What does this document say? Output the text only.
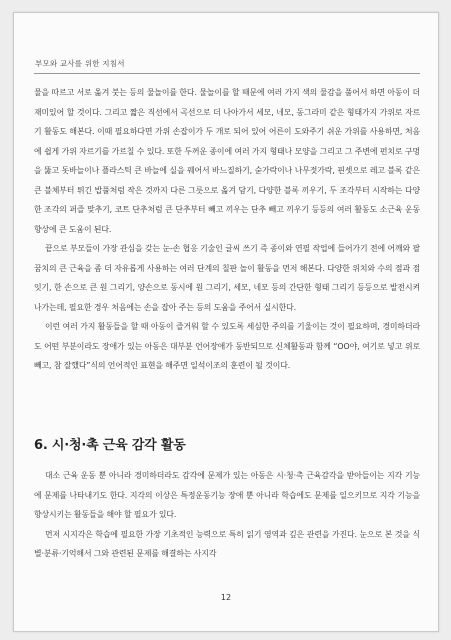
부모와 교사를 위한 지침서

물을 따르고 서로 옮겨 붓는 등의 물놀이를 한다. 물놀이를 할 때문에 여러 가지 색의 물감을 풀어서 하면 아동이 더 재미있어 할 것이다. 그리고 짧은 직선에서 곡선으로 더 나아가서 세모, 네모, 동그라미 같은 형태가지 가위로 자르기 활동도 해본다. 이때 필요하다면 가위 손잡이가 두 개로 되어 있어 어른이 도와주기 쉬운 가위를 사용하면, 처음에 쉽게 가위 자르기를 가르칠 수 있다. 또한 두꺼운 종이에 여러 가지 형태나 모양을 그리고 그 주변에 펀치로 구멍을 뚫고 돗바늘이나 플라스틱 큰 바늘에 실을 꿰어서 바느질하기, 숟가락이나 나무젓가락, 핀셋으로 레고 블록 같은 큰 블체부터 튀긴 밥풀처럼 작은 것까지 다른 그릇으로 옮겨 담기, 다양한 블록 끼우기, 두 조각부터 시작하는 다양한 조각의 퍼즐 맞추기, 코트 단추처럼 큰 단추부터 빼고 끼우는 단추 빼고 끼우기 등등의 여러 활동도 소근육 운동 향상에 큰 도움이 된다.

끝으로 부모들이 가장 관심을 갖는 눈-손 협응 기술인 글씨 쓰기 즉 종이와 연필 작업에 들어가기 전에 어깨와 팔꿈치의 큰 근육을 좀 더 자유롭게 사용하는 여러 단계의 칠판 놀이 활동을 먼저 해본다. 다양한 위치와 수의 점과 점 잇기, 한 손으로 큰 원 그리기, 양손으로 동시에 원 그리기, 세모, 네모 등의 간단한 형태 그리기 등등으로 발전시켜 나가는데, 필요한 경우 처음에는 손을 잡아 주는 등의 도움을 주어서 실시한다.

이런 여러 가지 활동들을 할 때 아동이 즐거워 할 수 있도록 세심한 주의를 기울이는 것이 필요하며, 경미하더라도 어떤 부분이라도 장애가 있는 아동은 대부분 언어장애가 동반되므로 신체활동과 함께 “OO야, 여기로 넣고 위로 빼고, 참 잘했다”식의 언어적인 표현을 해주면 일석이조의 훈련이 될 것이다.

6. 시·청·촉 근육 감각 활동

대소 근육 운동 뿐 아니라 경미하더라도 감각에 문제가 있는 아동은 시·청·촉 근육감각을 받아들이는 지각 기능에 문제를 나타내기도 한다. 지각의 이상은 특정운동기능 장애 뿐 아니라 학습에도 문제를 일으키므로 지각 기능을 향상시키는 활동들을 해야 할 필요가 있다.

먼저 시지각은 학습에 필요한 가장 기초적인 능력으로 특히 읽기 영역과 깊은 관련을 가진다. 눈으로 본 것을 식별·분류·기억해서 그와 관련된 문제를 해결하는 사지각

12
